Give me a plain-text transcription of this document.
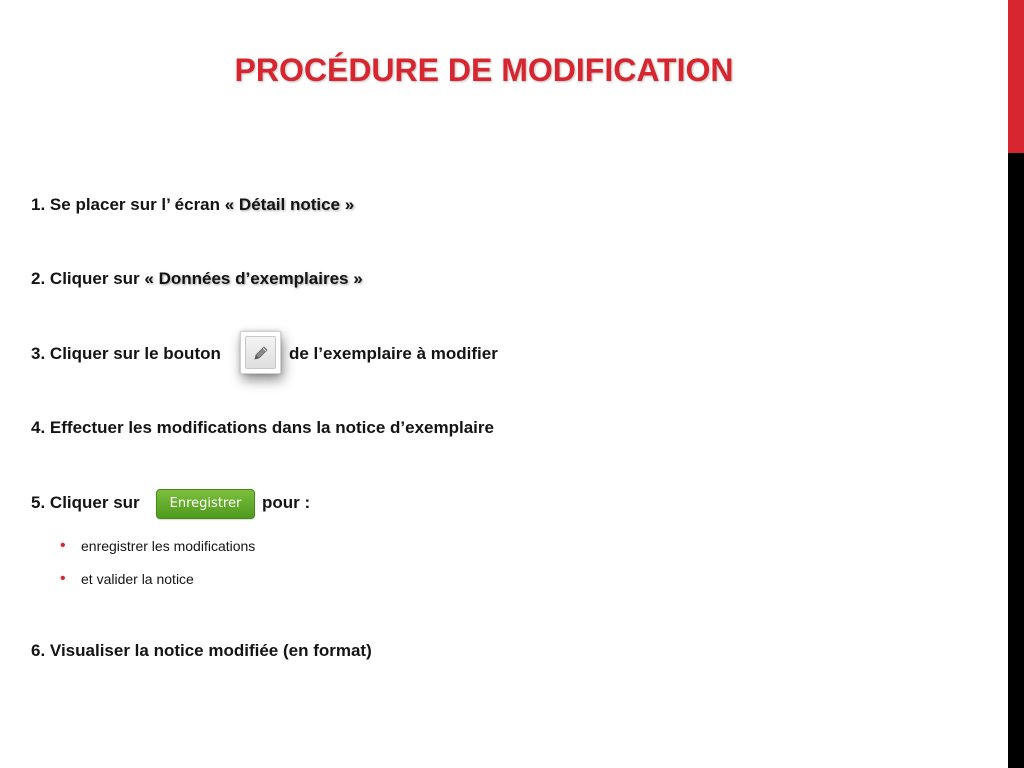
PROCÉDURE DE MODIFICATION
1. Se placer sur l’ écran « Détail notice »
2. Cliquer sur « Données d’exemplaires »
3. Cliquer sur le bouton	de l’exemplaire à modifier
4. Effectuer les modifications dans la notice d’exemplaire
5. Cliquer sur	Enregistrer	pour :
• enregistrer les modifications
• et valider la notice
6. Visualiser la notice modifiée (en format)
